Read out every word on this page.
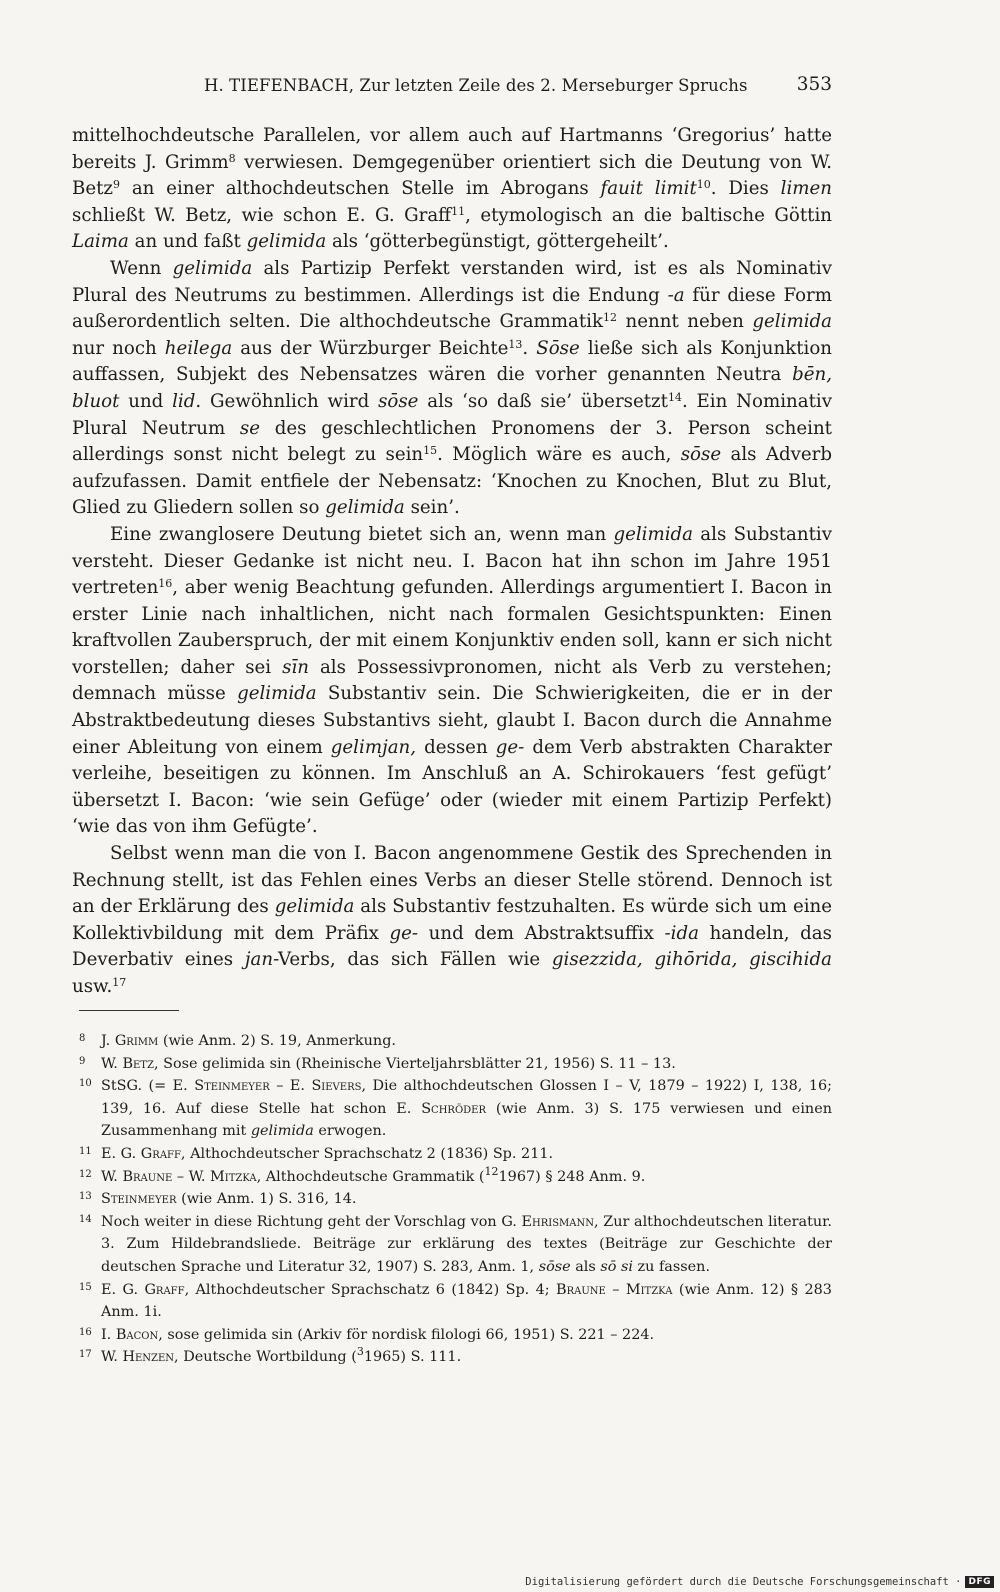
H. TIEFENBACH, Zur letzten Zeile des 2. Merseburger Spruchs	353

mittelhochdeutsche Parallelen, vor allem auch auf Hartmanns ‘Gregorius’ hatte bereits J. Grimm$^8$ verwiesen. Demgegenüber orientiert sich die Deutung von W. Betz$^9$ an einer althochdeutschen Stelle im Abrogans fauit limit$^{10}$. Dies limen schließt W. Betz, wie schon E. G. Graff$^{11}$, etymologisch an die baltische Göttin Laima an und faßt gelimida als ‘götterbegünstigt, göttergeheilt’.

Wenn gelimida als Partizip Perfekt verstanden wird, ist es als Nominativ Plural des Neutrums zu bestimmen. Allerdings ist die Endung -a für diese Form außerordentlich selten. Die althochdeutsche Grammatik$^{12}$ nennt neben gelimida nur noch heilega aus der Würzburger Beichte$^{13}$. Sōse ließe sich als Konjunktion auffassen, Subjekt des Nebensatzes wären die vorher genannten Neutra bēn, bluot und lid. Gewöhnlich wird sōse als ‘so daß sie’ übersetzt$^{14}$. Ein Nominativ Plural Neutrum se des geschlechtlichen Pronomens der 3. Person scheint allerdings sonst nicht belegt zu sein$^{15}$. Möglich wäre es auch, sōse als Adverb aufzufassen. Damit entfiele der Nebensatz: ‘Knochen zu Knochen, Blut zu Blut, Glied zu Gliedern sollen so gelimida sein’.

Eine zwanglosere Deutung bietet sich an, wenn man gelimida als Substantiv versteht. Dieser Gedanke ist nicht neu. I. Bacon hat ihn schon im Jahre 1951 vertreten$^{16}$, aber wenig Beachtung gefunden. Allerdings argumentiert I. Bacon in erster Linie nach inhaltlichen, nicht nach formalen Gesichtspunkten: Einen kraftvollen Zauberspruch, der mit einem Konjunktiv enden soll, kann er sich nicht vorstellen; daher sei sīn als Possessivpronomen, nicht als Verb zu verstehen; demnach müsse gelimida Substantiv sein. Die Schwierigkeiten, die er in der Abstraktbedeutung dieses Substantivs sieht, glaubt I. Bacon durch die Annahme einer Ableitung von einem gelimjan, dessen ge- dem Verb abstrakten Charakter verleihe, beseitigen zu können. Im Anschluß an A. Schirokauers ‘fest gefügt’ übersetzt I. Bacon: ‘wie sein Gefüge’ oder (wieder mit einem Partizip Perfekt) ‘wie das von ihm Gefügte’.

Selbst wenn man die von I. Bacon angenommene Gestik des Sprechenden in Rechnung stellt, ist das Fehlen eines Verbs an dieser Stelle störend. Dennoch ist an der Erklärung des gelimida als Substantiv festzuhalten. Es würde sich um eine Kollektivbildung mit dem Präfix ge- und dem Abstraktsuffix -ida handeln, das Deverbativ eines jan-Verbs, das sich Fällen wie gisezzida, gihōrida, giscihida usw.$^{17}$

8 J. Grimm (wie Anm. 2) S. 19, Anmerkung.
9 W. Betz, Sose gelimida sin (Rheinische Vierteljahrsblätter 21, 1956) S. 11 – 13.
10 StSG. (= E. Steinmeyer – E. Sievers, Die althochdeutschen Glossen I – V, 1879 – 1922) I, 138, 16; 139, 16. Auf diese Stelle hat schon E. Schröder (wie Anm. 3) S. 175 verwiesen und einen Zusammenhang mit gelimida erwogen.
11 E. G. Graff, Althochdeutscher Sprachschatz 2 (1836) Sp. 211.
12 W. Braune – W. Mitzka, Althochdeutsche Grammatik ($^{12}$1967) § 248 Anm. 9.
13 Steinmeyer (wie Anm. 1) S. 316, 14.
14 Noch weiter in diese Richtung geht der Vorschlag von G. Ehrismann, Zur althochdeutschen literatur. 3. Zum Hildebrandsliede. Beiträge zur erklärung des textes (Beiträge zur Geschichte der deutschen Sprache und Literatur 32, 1907) S. 283, Anm. 1, sōse als sō si zu fassen.
15 E. G. Graff, Althochdeutscher Sprachschatz 6 (1842) Sp. 4; Braune – Mitzka (wie Anm. 12) § 283 Anm. 1i.
16 I. Bacon, sose gelimida sin (Arkiv för nordisk filologi 66, 1951) S. 221 – 224.
17 W. Henzen, Deutsche Wortbildung ($^3$1965) S. 111.
Digitalisierung gefördert durch die Deutsche Forschungsgemeinschaft · DFG
